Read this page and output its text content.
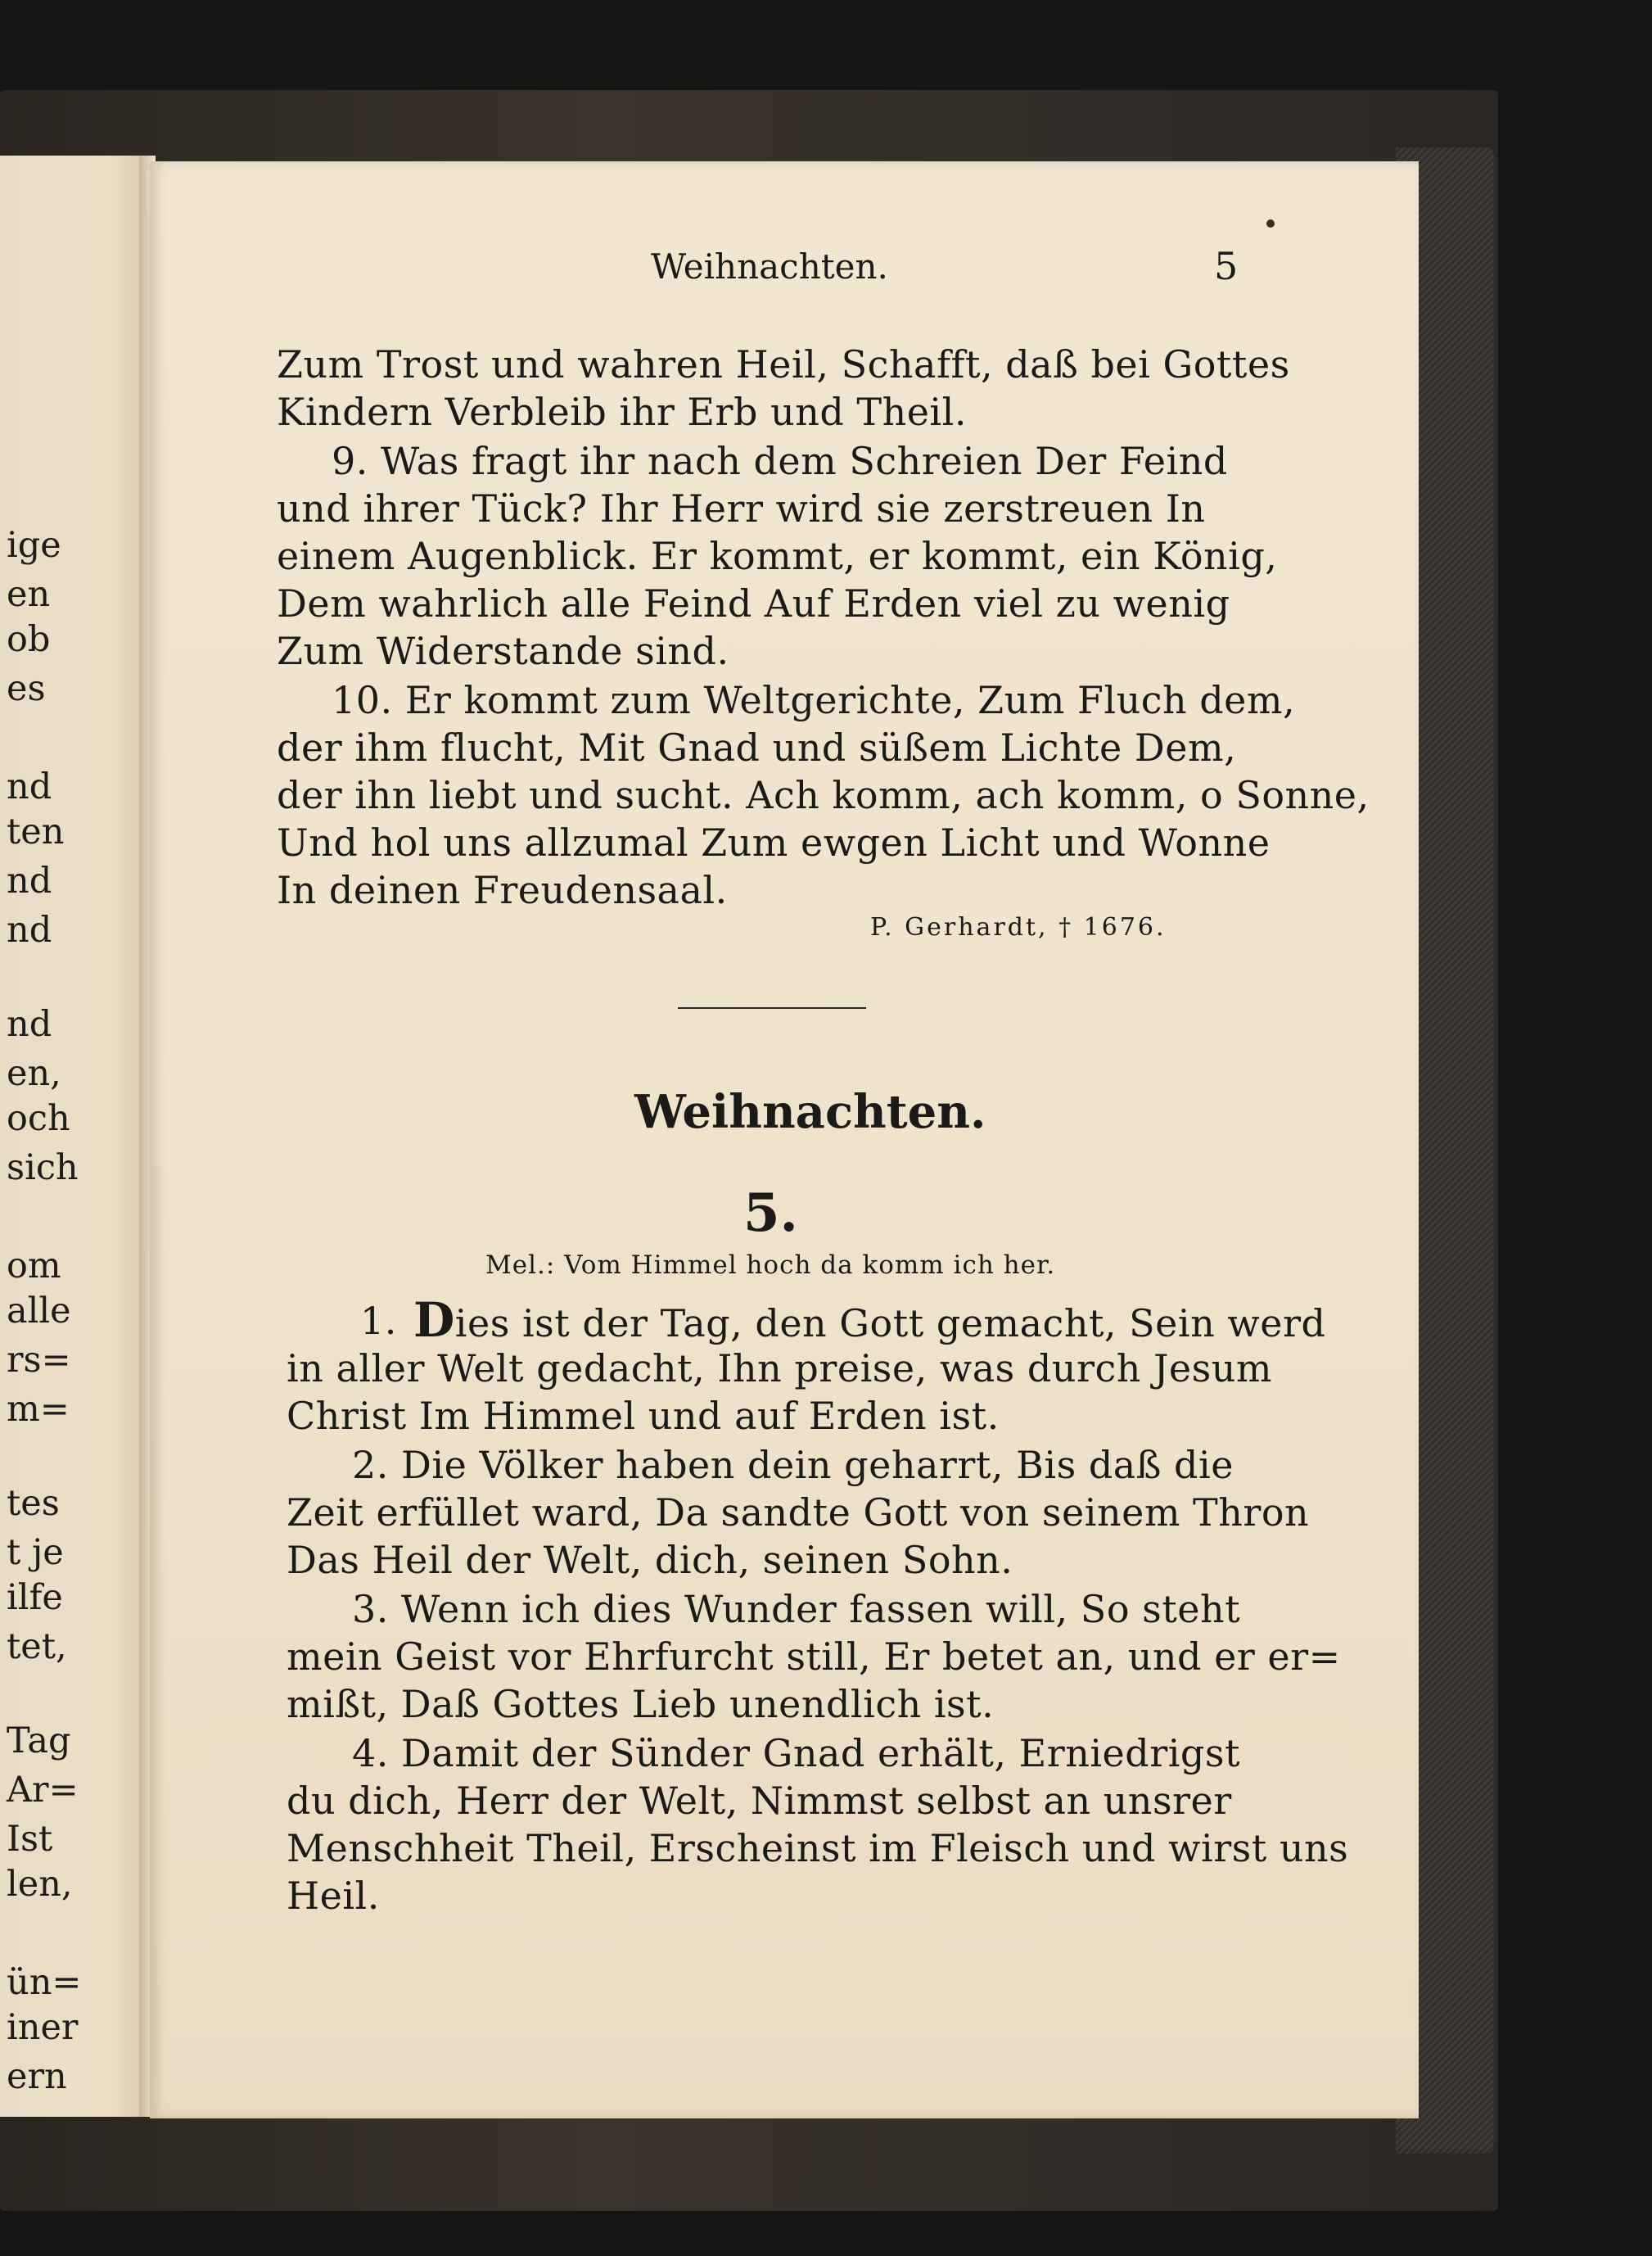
ige
en
ob
es
nd
ten
nd
nd
nd
en,
och
sich
om
alle
rs=
m=
tes
t je
ilfe
tet,
Tag
Ar=
Ist
len,
ün=
iner
ern
Weihnachten.	5
Zum Trost und wahren Heil, Schafft, daß bei Gottes
Kindern Verbleib ihr Erb und Theil.
9. Was fragt ihr nach dem Schreien Der Feind
und ihrer Tück? Ihr Herr wird sie zerstreuen In
einem Augenblick. Er kommt, er kommt, ein König,
Dem wahrlich alle Feind Auf Erden viel zu wenig
Zum Widerstande sind.
10. Er kommt zum Weltgerichte, Zum Fluch dem,
der ihm flucht, Mit Gnad und süßem Lichte Dem,
der ihn liebt und sucht. Ach komm, ach komm, o Sonne,
Und hol uns allzumal Zum ewgen Licht und Wonne
In deinen Freudensaal.
P. Gerhardt, † 1676.
Weihnachten.
5.
Mel.: Vom Himmel hoch da komm ich her.
1. Dies ist der Tag, den Gott gemacht, Sein werd
in aller Welt gedacht, Ihn preise, was durch Jesum
Christ Im Himmel und auf Erden ist.
2. Die Völker haben dein geharrt, Bis daß die
Zeit erfüllet ward, Da sandte Gott von seinem Thron
Das Heil der Welt, dich, seinen Sohn.
3. Wenn ich dies Wunder fassen will, So steht
mein Geist vor Ehrfurcht still, Er betet an, und er er=
mißt, Daß Gottes Lieb unendlich ist.
4. Damit der Sünder Gnad erhält, Erniedrigst
du dich, Herr der Welt, Nimmst selbst an unsrer
Menschheit Theil, Erscheinst im Fleisch und wirst uns
Heil.
